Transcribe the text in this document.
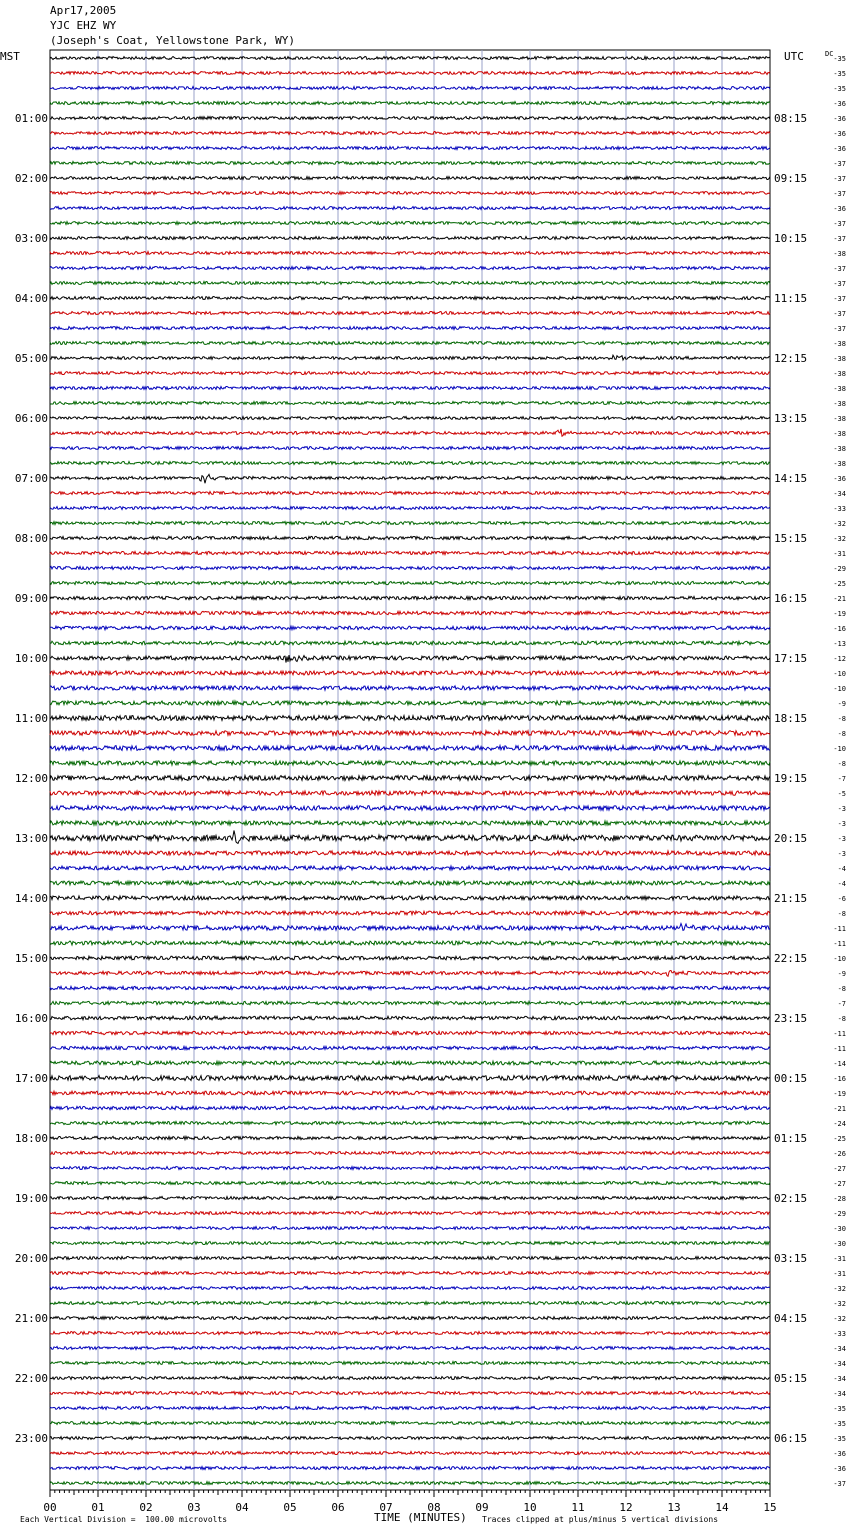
MST	UTC	DC
TIME (MINUTES)
00	01	02	03	04	05	06	07	08	09	10	11	12	13	14	15
-35
-35
-35
-36
-36
-36
-36
-37
-37
-37
-36
-37
-37
-38
-37
-37
-37
-37
-37
-38
-38
-38
-38
-38
-38
-38
-38
-38
-36
-34
-33
-32
-32
-31
-29
-25
-21
-19
-16
-13
-12
-10
-10
-9
-8
-8
-10
-8
-7
-5
-3
-3
-3
-3
-4
-4
-6
-8
-11
-11
-10
-9
-8
-7
-8
-11
-11
-14
-16
-19
-21
-24
-25
-26
-27
-27
-28
-29
-30
-30
-31
-31
-32
-32
-32
-33
-34
-34
-34
-34
-35
-35
-35
-36
-36
-37
01:00	08:15
02:00	09:15
03:00	10:15
04:00	11:15
05:00	12:15
06:00	13:15
07:00	14:15
08:00	15:15
09:00	16:15
10:00	17:15
11:00	18:15
12:00	19:15
13:00	20:15
14:00	21:15
15:00	22:15
16:00	23:15
17:00	00:15
18:00	01:15
19:00	02:15
20:00	03:15
21:00	04:15
22:00	05:15
23:00	06:15
Apr17,2005
YJC EHZ WY
(Joseph's Coat, Yellowstone Park, WY)
Each Vertical Division =  100.00 microvolts	Traces clipped at plus/minus 5 vertical divisions
